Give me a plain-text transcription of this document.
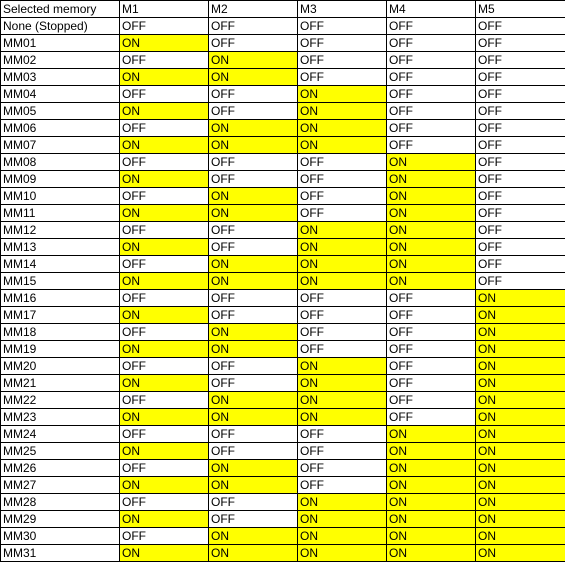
Selected memory	M1	M2	M3	M4	M5
None (Stopped)	OFF	OFF	OFF	OFF	OFF
MM01	ON	OFF	OFF	OFF	OFF
MM02	OFF	ON	OFF	OFF	OFF
MM03	ON	ON	OFF	OFF	OFF
MM04	OFF	OFF	ON	OFF	OFF
MM05	ON	OFF	ON	OFF	OFF
MM06	OFF	ON	ON	OFF	OFF
MM07	ON	ON	ON	OFF	OFF
MM08	OFF	OFF	OFF	ON	OFF
MM09	ON	OFF	OFF	ON	OFF
MM10	OFF	ON	OFF	ON	OFF
MM11	ON	ON	OFF	ON	OFF
MM12	OFF	OFF	ON	ON	OFF
MM13	ON	OFF	ON	ON	OFF
MM14	OFF	ON	ON	ON	OFF
MM15	ON	ON	ON	ON	OFF
MM16	OFF	OFF	OFF	OFF	ON
MM17	ON	OFF	OFF	OFF	ON
MM18	OFF	ON	OFF	OFF	ON
MM19	ON	ON	OFF	OFF	ON
MM20	OFF	OFF	ON	OFF	ON
MM21	ON	OFF	ON	OFF	ON
MM22	OFF	ON	ON	OFF	ON
MM23	ON	ON	ON	OFF	ON
MM24	OFF	OFF	OFF	ON	ON
MM25	ON	OFF	OFF	ON	ON
MM26	OFF	ON	OFF	ON	ON
MM27	ON	ON	OFF	ON	ON
MM28	OFF	OFF	ON	ON	ON
MM29	ON	OFF	ON	ON	ON
MM30	OFF	ON	ON	ON	ON
MM31	ON	ON	ON	ON	ON
